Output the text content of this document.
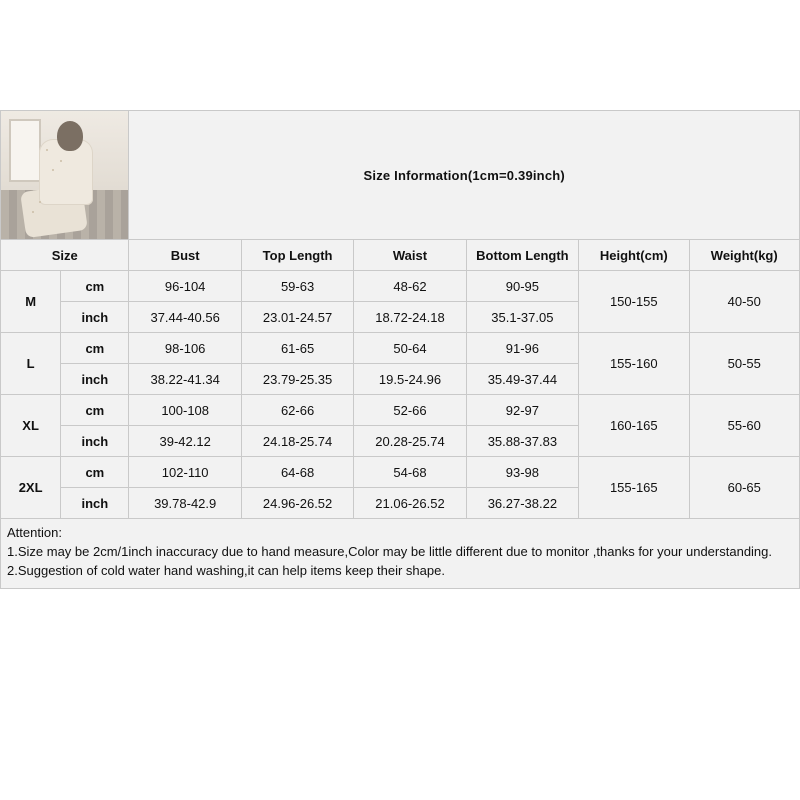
		Size Information(1cm=0.39inch)					
Size		Bust	Top Length	Waist	Bottom Length	Height(cm)	Weight(kg)
M	cm	96-104	59-63	48-62	90-95	150-155	40-50
	inch	37.44-40.56	23.01-24.57	18.72-24.18	35.1-37.05		
L	cm	98-106	61-65	50-64	91-96	155-160	50-55
	inch	38.22-41.34	23.79-25.35	19.5-24.96	35.49-37.44		
XL	cm	100-108	62-66	52-66	92-97	160-165	55-60
	inch	39-42.12	24.18-25.74	20.28-25.74	35.88-37.83		
2XL	cm	102-110	64-68	54-68	93-98	155-165	60-65
	inch	39.78-42.9	24.96-26.52	21.06-26.52	36.27-38.22		
Attention:
1.Size may be 2cm/1inch inaccuracy due to hand measure,Color may be little different due to monitor ,thanks for your understanding.
2.Suggestion of cold water hand washing,it can help items keep their shape.
